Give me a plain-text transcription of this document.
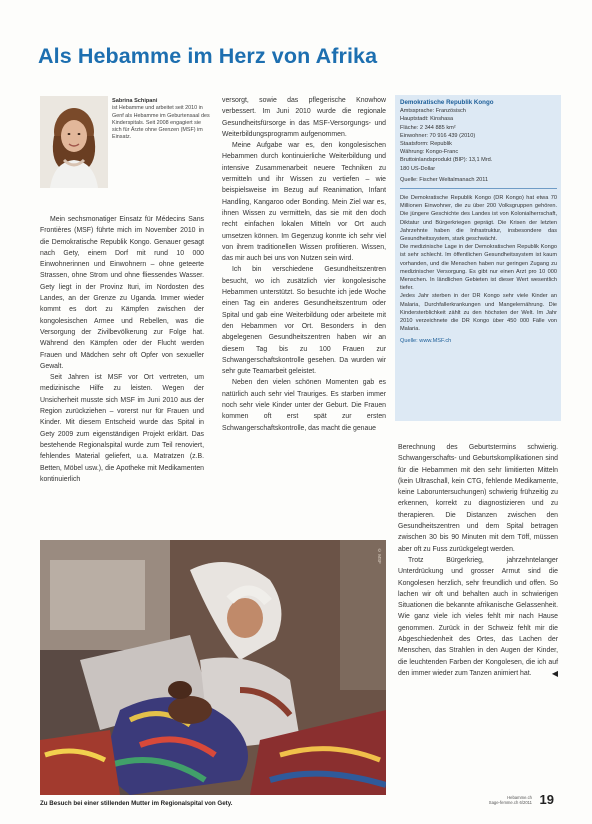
Als Hebamme im Herz von Afrika
Sabrina Schipani
ist Hebamme und arbeitet seit 2010 in Genf als Hebamme im Geburtensaal des Kinderspitals. Seit 2008 engagiert sie sich für Ärzte ohne Grenzen (MSF) im Einsatz.

Mein sechsmonatiger Einsatz für Médecins Sans Frontières (MSF) führte mich im November 2010 in die Demokratische Republik Kongo. Genauer gesagt nach Gety, einem Dorf mit rund 10 000 Einwohnerinnen und Einwohnern – ohne geteerte Strassen, ohne Strom und ohne fliessendes Wasser. Gety liegt in der Provinz Ituri, im Nordosten des Landes, an der Grenze zu Uganda. Immer wieder kommt es dort zu Kämpfen zwischen der kongolesischen Armee und Rebellen, was die Versorgung der Zivilbevölkerung zur Folge hat. Während den Kämpfen oder der Flucht werden Frauen und Mädchen sehr oft Opfer von sexueller Gewalt.

Seit Jahren ist MSF vor Ort vertreten, um medizinische Hilfe zu leisten. Wegen der Unsicherheit musste sich MSF im Juni 2010 aus der Region zurückziehen – vorerst nur für Frauen und Kinder. Mit diesem Entscheid wurde das Spital in Gety 2009 zum eigenständigen Projekt erklärt. Das bestehende Regionalspital wurde zum Teil renoviert, fehlendes Material geliefert, u.a. Matratzen (z.B. Betten, Möbel usw.), die Apotheke mit Medikamenten kontinuierlich

versorgt, sowie das pflegerische Knowhow verbessert. Im Juni 2010 wurde die regionale Gesundheitsfürsorge in das MSF-Versorgungs- und Weiterbildungsprogramm aufgenommen.

Meine Aufgabe war es, den kongolesischen Hebammen durch kontinuierliche Weiterbildung und intensive Zusammenarbeit neuere Techniken zu vermitteln und ihr Wissen zu vertiefen – wie beispielsweise im Bezug auf Reanimation, Infant Handling, Kangaroo oder Bonding. Mein Ziel war es, ihnen Wissen zu vermitteln, das sie mit den doch recht einfachen lokalen Mitteln vor Ort auch umsetzen können. Im Gegenzug konnte ich sehr viel von ihrem traditionellen Wissen profitieren. Wissen, das mir auch bei uns von Nutzen sein wird.

Ich bin verschiedene Gesundheitszentren besucht, wo ich zusätzlich vier kongolesische Hebammen unterstützt. So besuchte ich jede Woche einen Tag ein anderes Gesundheitszentrum oder Spital und gab eine Weiterbildung oder arbeitete mit den Hebammen vor Ort. Besonders in den abgelegenen Gesundheitszentren haben wir an diesem Tag bis zu 100 Frauen zur Schwangerschaftskontrolle gesehen. Da wurden wir sehr gute Teamarbeit geleistet.

Neben den vielen schönen Momenten gab es natürlich auch sehr viel Trauriges. Es starben immer noch sehr viele Kinder unter der Geburt. Die Frauen kommen oft erst spät zur ersten Schwangerschaftskontrolle, das macht die genaue

Demokratische Republik Kongo
Amtssprache: Französisch
Hauptstadt: Kinshasa
Fläche: 2 344 885 km²
Einwohner: 70 916 439 (2010)
Staatsform: Republik
Währung: Kongo-Franc
Bruttoinlandsprodukt (BIP): 13,1 Mrd.
180 US-Dollar
Quelle: Fischer Weltalmanach 2011
Die Demokratische Republik Kongo (DR Kongo) hat etwa 70 Millionen Einwohner, die zu über 200 Volksgruppen gehören. Die jüngere Geschichte des Landes ist von Kolonialherrschaft, Diktatur und Bürgerkriegen geprägt. Die Krisen der letzten Jahrzehnte haben die Infrastruktur, insbesondere das Gesundheitssystem, stark geschwächt.
Die medizinische Lage in der Demokratischen Republik Kongo ist sehr schlecht. Im öffentlichen Gesundheitssystem ist kaum vorhanden, und die Menschen haben nur geringen Zugang zu medizinischer Versorgung. Es gibt nur einen Arzt pro 10 000 Menschen. In ländlichen Gebieten ist dieser Wert wesentlich tiefer.
Jedes Jahr sterben in der DR Kongo sehr viele Kinder an Malaria, Durchfallerkrankungen und Mangelernährung. Die Kindersterblichkeit zählt zu den höchsten der Welt. Im Jahr 2010 verzeichnete die DR Kongo über 450 000 Fälle von Malaria.
Quelle: www.MSF.ch

Berechnung des Geburtstermins schwierig. Schwangerschafts- und Geburtskomplikationen sind für die Hebammen mit den sehr limitierten Mitteln (kein Ultraschall, kein CTG, fehlende Medikamente, keine Laboruntersuchungen) schwierig frühzeitig zu erkennen, korrekt zu diagnostizieren und zu therapieren. Die Distanzen zwischen den Gesundheitszentren und dem Spital betragen zwischen 30 bis 90 Minuten mit dem Töff, müssen aber oft zu Fuss zurückgelegt werden.

Trotz Bürgerkrieg, jahrzehntelanger Unterdrückung und grosser Armut sind die Kongolesen herzlich, sehr freundlich und offen. So lachen wir oft und behalten auch in schwierigen Situationen die bekannte afrikanische Gelassenheit. Wie ganz viele ich vieles fehlt mir nach Hause genommen. Zurück in der Schweiz fehlt mir die Abgeschiedenheit des Ortes, das Lachen der Menschen, das Strahlen in den Augen der Kinder, die leuchtenden Farben der Kongolesen, die ich auf den immer wieder zum Tanzen animiert hat.	◀

© MSF
Zu Besuch bei einer stillenden Mutter im Regionalspital von Gety.
Hebamme.ch
Sage-femme.ch 6/2011 19
